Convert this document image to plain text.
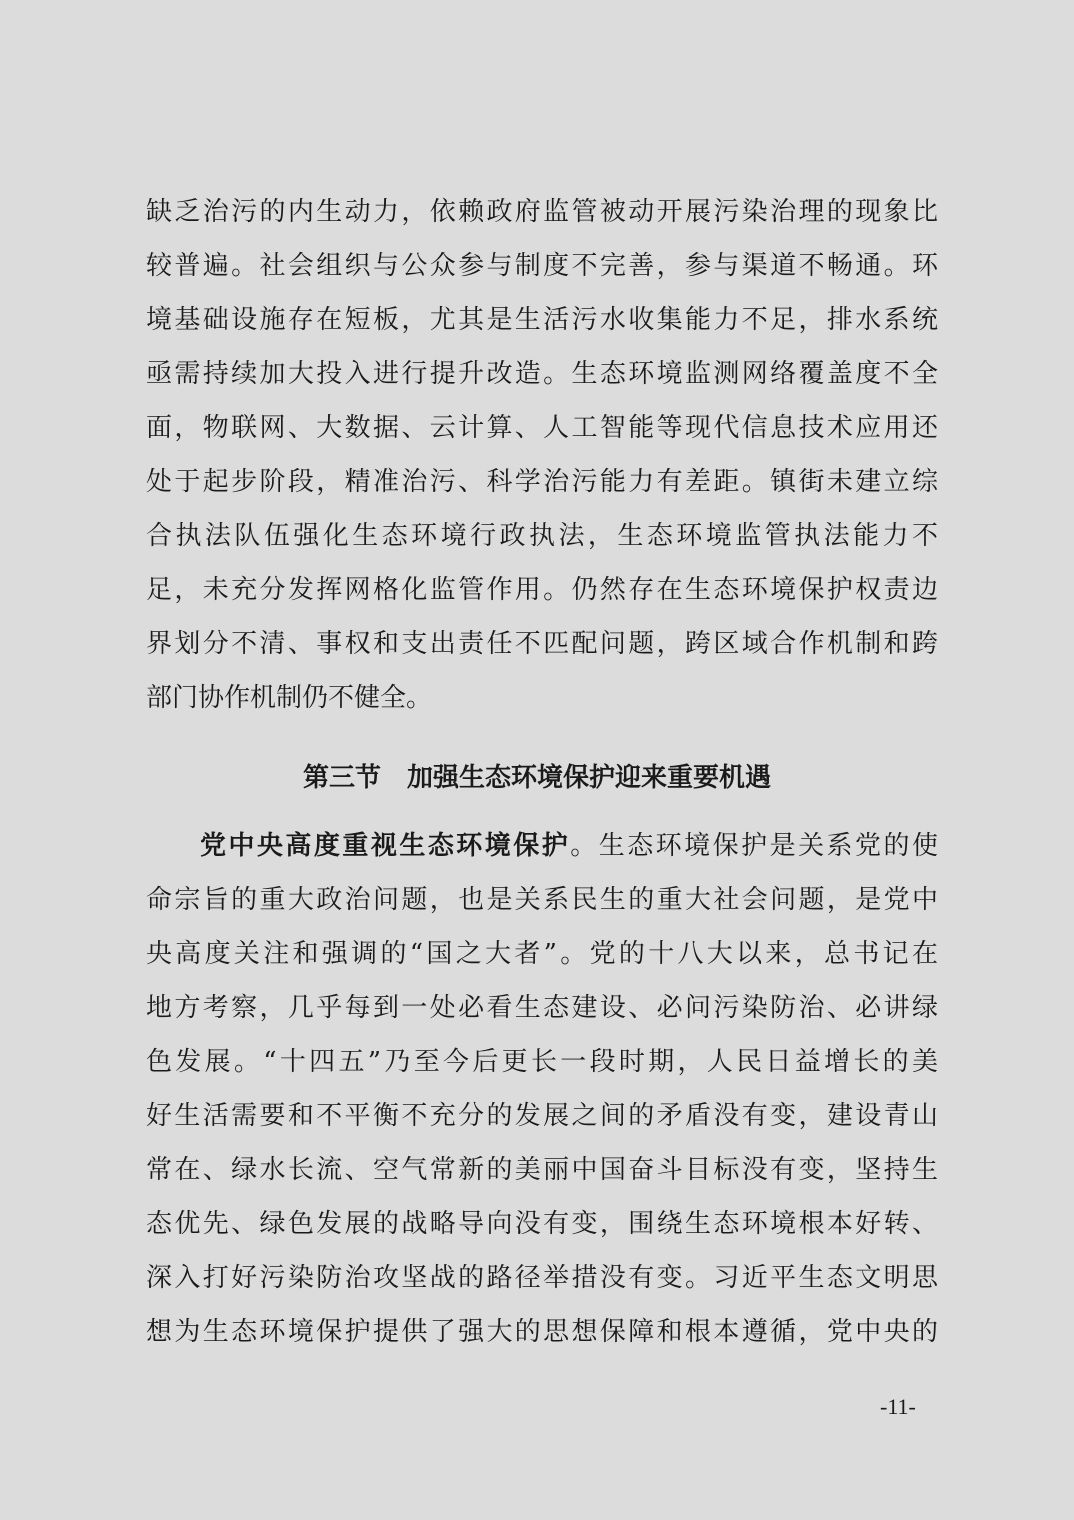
缺乏治污的内生动力，依赖政府监管被动开展污染治理的现象比
较普遍。社会组织与公众参与制度不完善，参与渠道不畅通。环
境基础设施存在短板，尤其是生活污水收集能力不足，排水系统
亟需持续加大投入进行提升改造。生态环境监测网络覆盖度不全
面，物联网、大数据、云计算、人工智能等现代信息技术应用还
处于起步阶段，精准治污、科学治污能力有差距。镇街未建立综
合执法队伍强化生态环境行政执法，生态环境监管执法能力不
足，未充分发挥网格化监管作用。仍然存在生态环境保护权责边
界划分不清、事权和支出责任不匹配问题，跨区域合作机制和跨
部门协作机制仍不健全。
第三节　加强生态环境保护迎来重要机遇
党中央高度重视生态环境保护。生态环境保护是关系党的使
命宗旨的重大政治问题，也是关系民生的重大社会问题，是党中
央高度关注和强调的“国之大者”。党的十八大以来，总书记在
地方考察，几乎每到一处必看生态建设、必问污染防治、必讲绿
色发展。“十四五”乃至今后更长一段时期，人民日益增长的美
好生活需要和不平衡不充分的发展之间的矛盾没有变，建设青山
常在、绿水长流、空气常新的美丽中国奋斗目标没有变，坚持生
态优先、绿色发展的战略导向没有变，围绕生态环境根本好转、
深入打好污染防治攻坚战的路径举措没有变。习近平生态文明思
想为生态环境保护提供了强大的思想保障和根本遵循，党中央的
-11-
